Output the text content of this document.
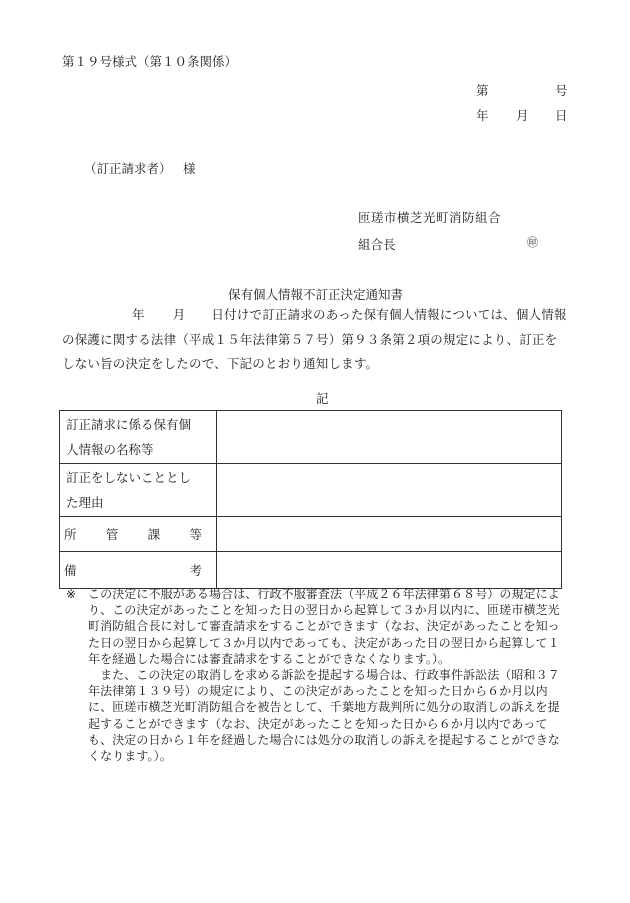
第１９号様式（第１０条関係）
第	号
年 月 日
（訂正請求者） 様
匝瑳市横芝光町消防組合
組合長	㊞
保有個人情報不訂正決定通知書
年 月 日付けで訂正請求のあった保有個人情報については、個人情報
の保護に関する法律（平成１５年法律第５７号）第９３条第２項の規定により、訂正を
しない旨の決定をしたので、下記のとおり通知します。
記
訂正請求に係る保有個
人情報の名称等	

訂正をしないこととし
た理由	

所 管 課 等	

備 考	

※ この決定に不服がある場合は、行政不服審査法（平成２６年法律第６８号）の規定により、この決定があったことを知った日の翌日から起算して３か月以内に、匝瑳市横芝光町消防組合長に対して審査請求をすることができます（なお、決定があったことを知った日の翌日から起算して３か月以内であっても、決定があった日の翌日から起算して１年を経過した場合には審査請求をすることができなくなります。）。
また、この決定の取消しを求める訴訟を提起する場合は、行政事件訴訟法（昭和３７年法律第１３９号）の規定により、この決定があったことを知った日から６か月以内に、匝瑳市横芝光町消防組合を被告として、千葉地方裁判所に処分の取消しの訴えを提起することができます（なお、決定があったことを知った日から６か月以内であっても、決定の日から１年を経過した場合には処分の取消しの訴えを提起することができなくなります。）。
